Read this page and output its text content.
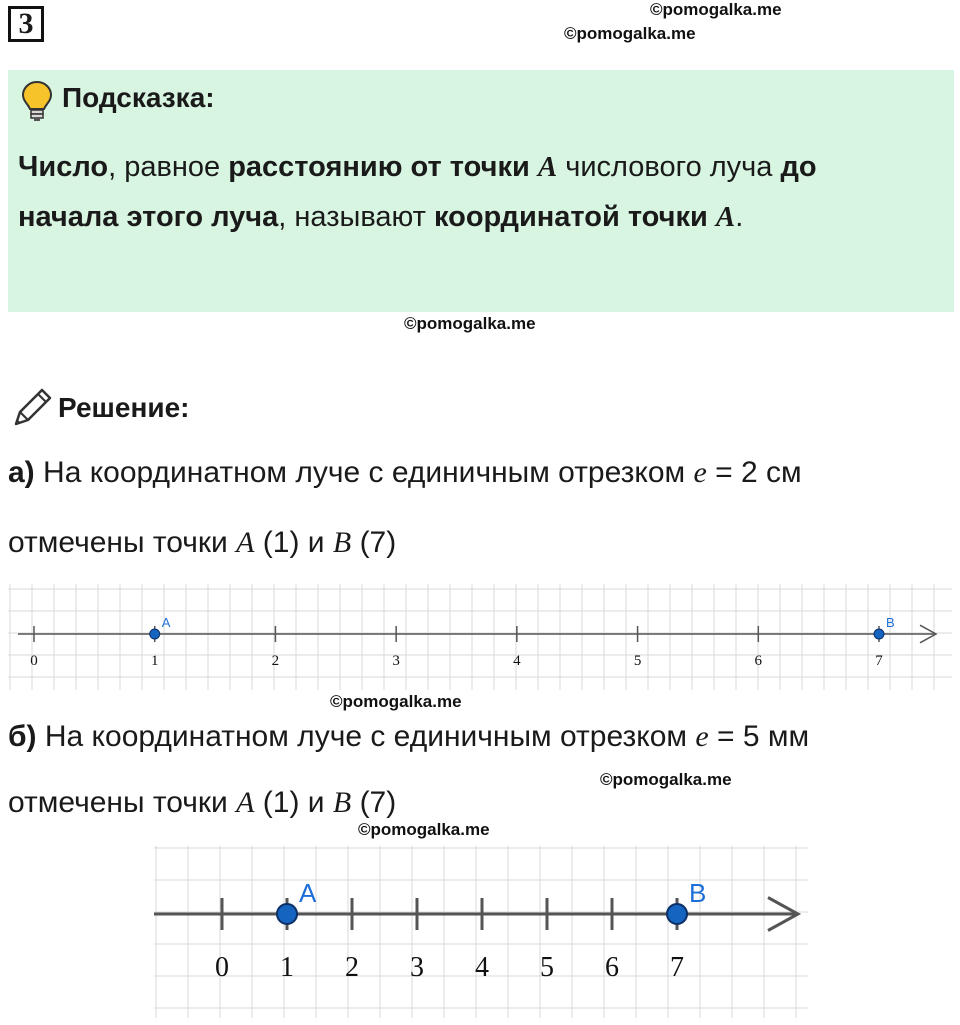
3	©pomogalka.me
©pomogalka.me
Подсказка:
Число, равное расстоянию от точки A числового луча до
начала этого луча, называют координатой точки A.
©pomogalka.me
Решение:
а) На координатном луче с единичным отрезком e = 2 см
отмечены точки A (1) и B (7)
0	1	2	3	4	5	6	7
A	B
©pomogalka.me
б) На координатном луче с единичным отрезком e = 5 мм
©pomogalka.me
отмечены точки A (1) и B (7)
©pomogalka.me
0 1 2 3 4 5 6 7
A	B
